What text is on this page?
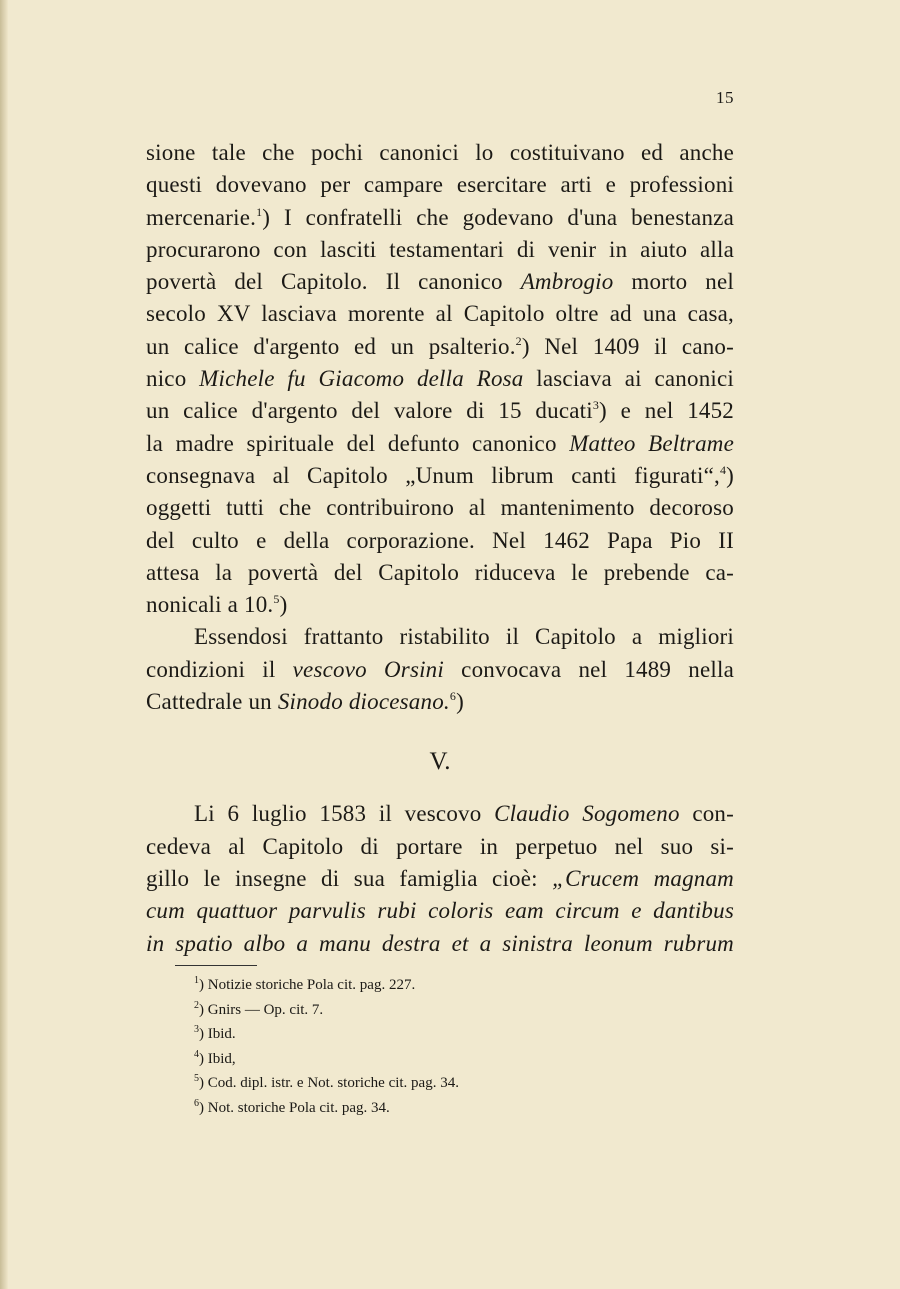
15
sione tale che pochi canonici lo costituivano ed anche
questi dovevano per campare esercitare arti e professioni
mercenarie.$^1$) I confratelli che godevano d'una benestanza
procurarono con lasciti testamentari di venir in aiuto alla
povertà del Capitolo. Il canonico Ambrogio morto nel
secolo XV lasciava morente al Capitolo oltre ad una casa,
un calice d'argento ed un psalterio.$^2$) Nel 1409 il cano-
nico Michele fu Giacomo della Rosa lasciava ai canonici
un calice d'argento del valore di 15 ducati$^3$) e nel 1452
la madre spirituale del defunto canonico Matteo Beltrame
consegnava al Capitolo „Unum librum canti figurati“,$^4$)
oggetti tutti che contribuirono al mantenimento decoroso
del culto e della corporazione. Nel 1462 Papa Pio II
attesa la povertà del Capitolo riduceva le prebende ca-
nonicali a 10.$^5$)
Essendosi frattanto ristabilito il Capitolo a migliori
condizioni il vescovo Orsini convocava nel 1489 nella
Cattedrale un Sinodo diocesano.$^6$)
V.
Li 6 luglio 1583 il vescovo Claudio Sogomeno con-
cedeva al Capitolo di portare in perpetuo nel suo si-
gillo le insegne di sua famiglia cioè: „Crucem magnam
cum quattuor parvulis rubi coloris eam circum e dantibus
in spatio albo a manu destra et a sinistra leonum rubrum
$^1$) Notizie storiche Pola cit. pag. 227.
$^2$) Gnirs — Op. cit. 7.
$^3$) Ibid.
$^4$) Ibid,
$^5$) Cod. dipl. istr. e Not. storiche cit. pag. 34.
$^6$) Not. storiche Pola cit. pag. 34.
